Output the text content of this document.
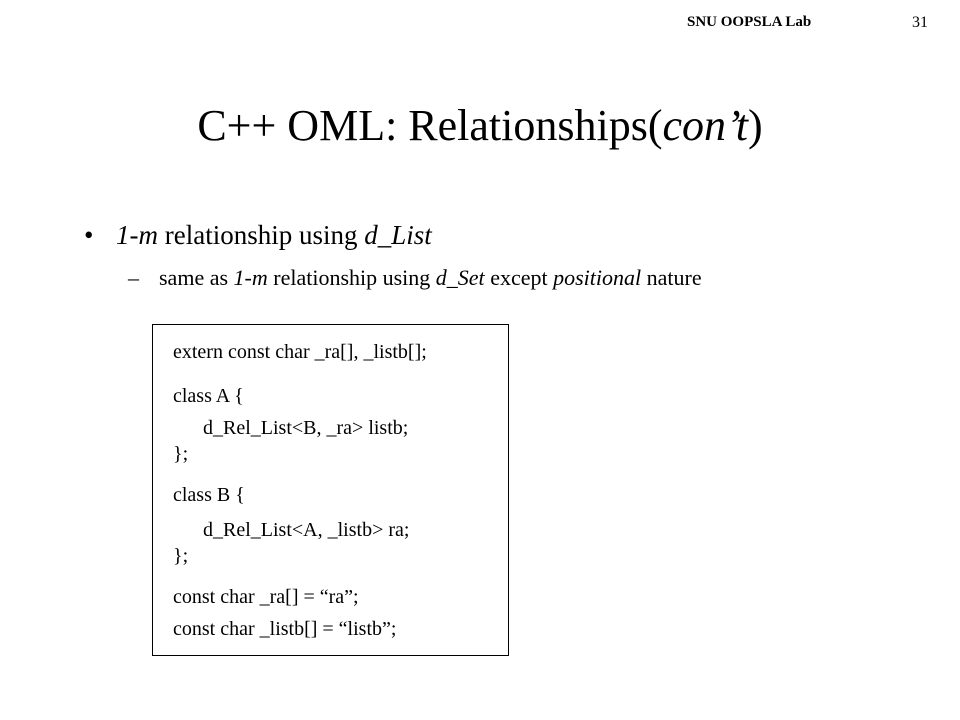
SNU OOPSLA Lab	31
C++ OML: Relationships(con’t)
• 1-m relationship using d_List
– same as 1-m relationship using d_Set except positional nature
extern const char _ra[], _listb[];
class A {
d_Rel_List<B, _ra> listb;
};
class B {
d_Rel_List<A, _listb> ra;
};
const char _ra[] = “ra”;
const char _listb[] = “listb”;
